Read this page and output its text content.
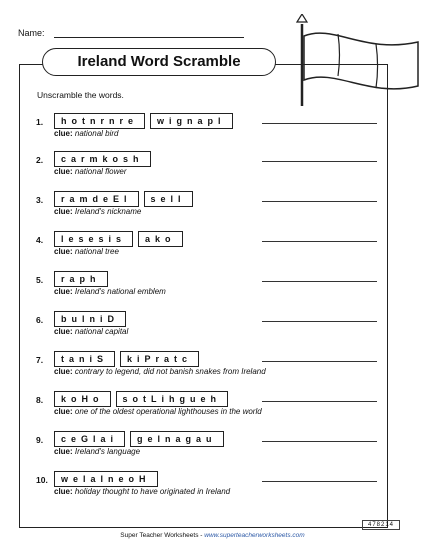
Name:
Ireland Word Scramble
Unscramble the words.
1.	hotnrnre	wignapl
clue: national bird
2.	carmkosh
clue: national flower
3.	ramdeEl	selI
clue: Ireland's nickname
4.	lesesis	ako
clue: national tree
5.	raph
clue: Ireland's national emblem
6.	bulniD
clue: national capital
7.	taniS	kiPratc
clue: contrary to legend, did not banish snakes from Ireland
8.	koHo	sotLihgueh
clue: one of the oldest operational lighthouses in the world
9.	ceGlai	gelnagau
clue: Ireland's language
10.	welalneoH
clue: holiday thought to have originated in Ireland
Super Teacher Worksheets - www.superteacherworksheets.com
478214
